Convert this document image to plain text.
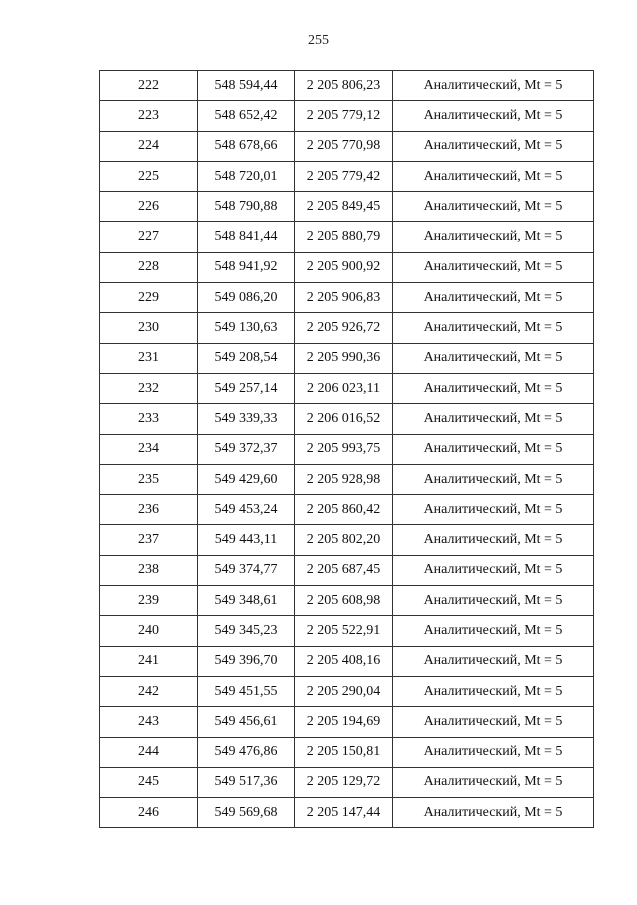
255
222	548 594,44	2 205 806,23	Аналитический, Mt = 5
223	548 652,42	2 205 779,12	Аналитический, Mt = 5
224	548 678,66	2 205 770,98	Аналитический, Mt = 5
225	548 720,01	2 205 779,42	Аналитический, Mt = 5
226	548 790,88	2 205 849,45	Аналитический, Mt = 5
227	548 841,44	2 205 880,79	Аналитический, Mt = 5
228	548 941,92	2 205 900,92	Аналитический, Mt = 5
229	549 086,20	2 205 906,83	Аналитический, Mt = 5
230	549 130,63	2 205 926,72	Аналитический, Mt = 5
231	549 208,54	2 205 990,36	Аналитический, Mt = 5
232	549 257,14	2 206 023,11	Аналитический, Mt = 5
233	549 339,33	2 206 016,52	Аналитический, Mt = 5
234	549 372,37	2 205 993,75	Аналитический, Mt = 5
235	549 429,60	2 205 928,98	Аналитический, Mt = 5
236	549 453,24	2 205 860,42	Аналитический, Mt = 5
237	549 443,11	2 205 802,20	Аналитический, Mt = 5
238	549 374,77	2 205 687,45	Аналитический, Mt = 5
239	549 348,61	2 205 608,98	Аналитический, Mt = 5
240	549 345,23	2 205 522,91	Аналитический, Mt = 5
241	549 396,70	2 205 408,16	Аналитический, Mt = 5
242	549 451,55	2 205 290,04	Аналитический, Mt = 5
243	549 456,61	2 205 194,69	Аналитический, Mt = 5
244	549 476,86	2 205 150,81	Аналитический, Mt = 5
245	549 517,36	2 205 129,72	Аналитический, Mt = 5
246	549 569,68	2 205 147,44	Аналитический, Mt = 5
